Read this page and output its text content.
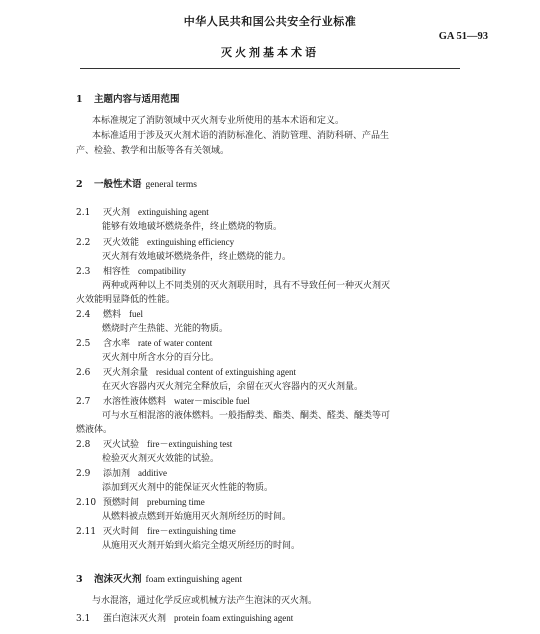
中华人民共和国公共安全行业标准
GA 51—93
灭火剂基本术语
1 主题内容与适用范围
本标准规定了消防领域中灭火剂专业所使用的基本术语和定义。
本标准适用于涉及灭火剂术语的消防标准化、消防管理、消防科研、产品生
产、检验、教学和出版等各有关领域。
2 一般性术语 general terms
2.1 灭火剂 extinguishing agent
能够有效地破坏燃烧条件，终止燃烧的物质。
2.2 灭火效能 extinguishing efficiency
灭火剂有效地破坏燃烧条件，终止燃烧的能力。
2.3 相容性 compatibility
两种或两种以上不同类别的灭火剂联用时，具有不导致任何一种灭火剂灭
火效能明显降低的性能。
2.4 燃料 fuel
燃烧时产生热能、光能的物质。
2.5 含水率 rate of water content
灭火剂中所含水分的百分比。
2.6 灭火剂余量 residual content of extinguishing agent
在灭火容器内灭火剂完全释放后，余留在灭火容器内的灭火剂量。
2.7 水溶性液体燃料 water－miscible fuel
可与水互相混溶的液体燃料。一般指醇类、酯类、酮类、醛类、醚类等可
燃液体。
2.8 灭火试验 fire－extinguishing test
检验灭火剂灭火效能的试验。
2.9 添加剂 additive
添加到灭火剂中的能保证灭火性能的物质。
2.10 预燃时间 preburning time
从燃料被点燃到开始施用灭火剂所经历的时间。
2.11 灭火时间 fire－extinguishing time
从施用灭火剂开始到火焰完全熄灭所经历的时间。
3 泡沫灭火剂 foam extinguishing agent
与水混溶，通过化学反应或机械方法产生泡沫的灭火剂。
3.1 蛋白泡沫灭火剂 protein foam extinguishing agent
